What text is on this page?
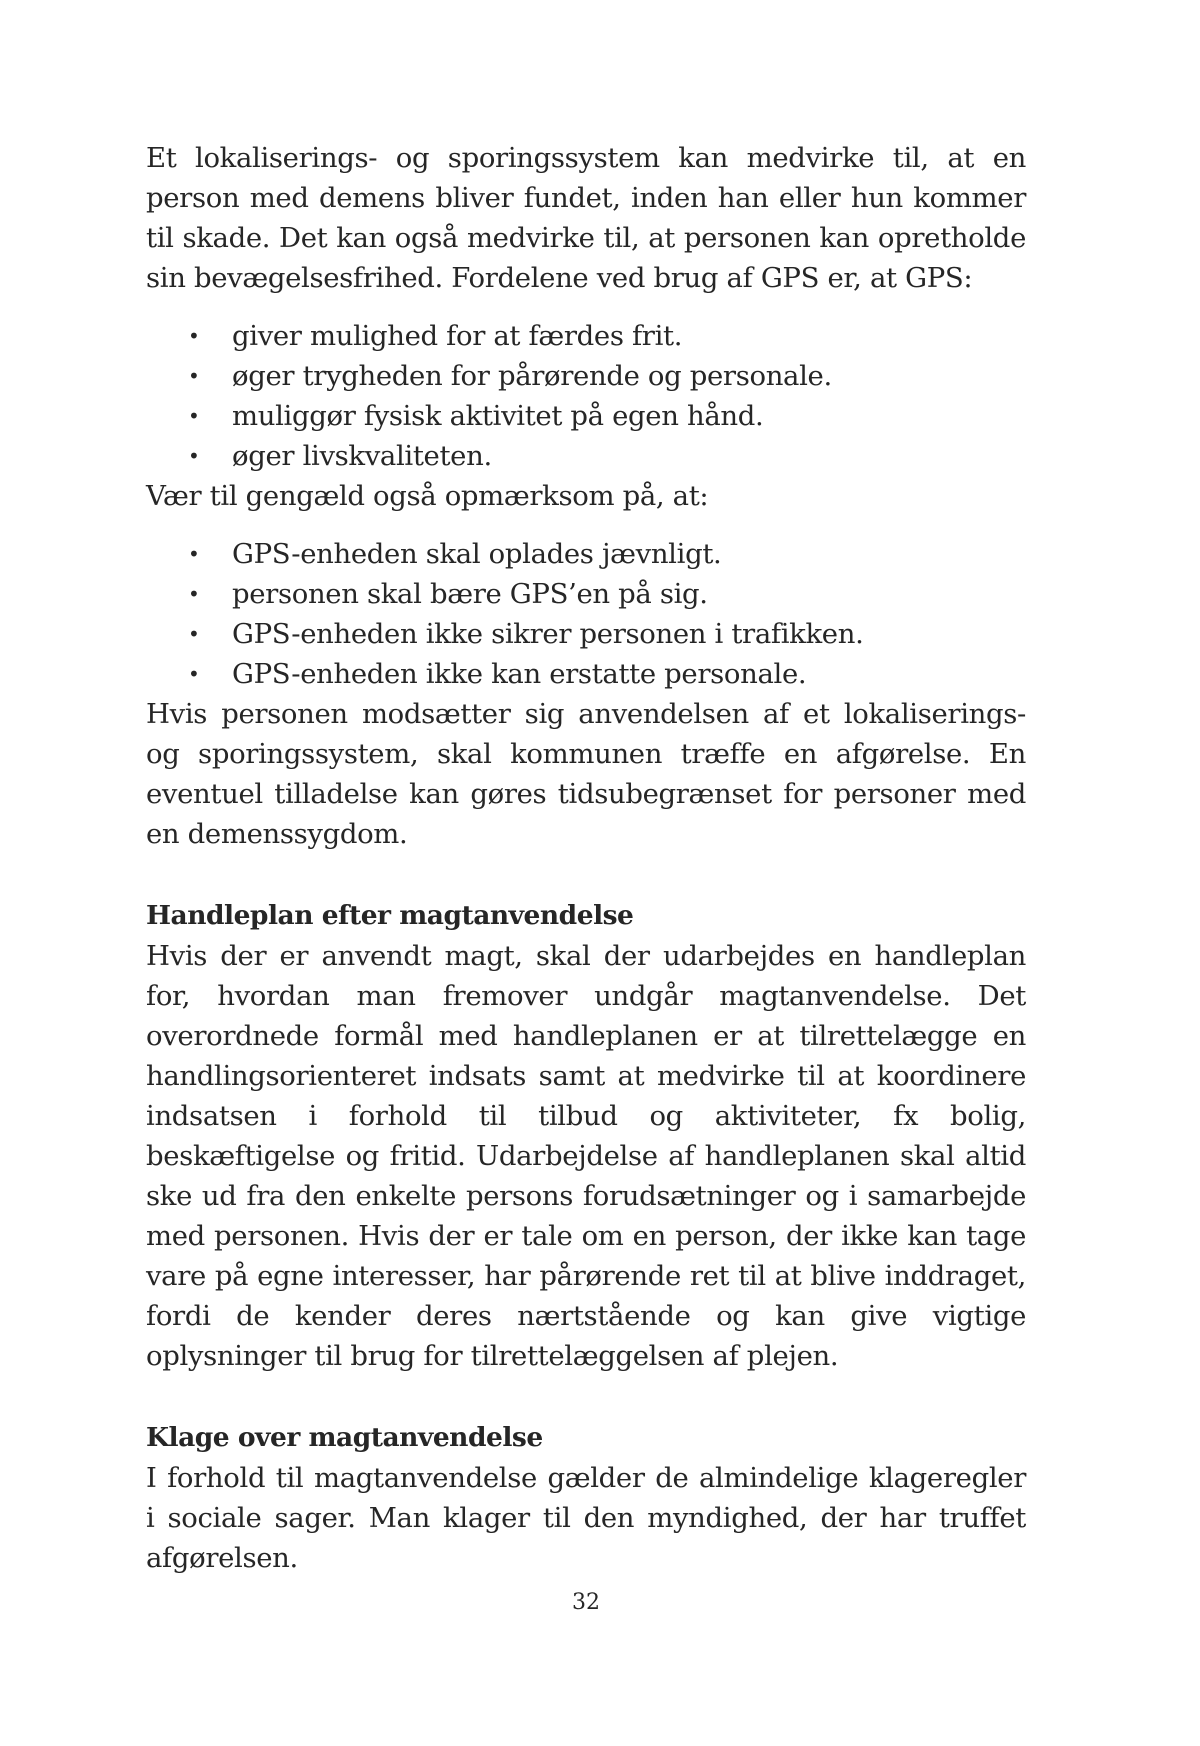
Et lokaliserings- og sporingssystem kan medvirke til, at en person med demens bliver fundet, inden han eller hun kommer til skade. Det kan også medvirke til, at personen kan opretholde sin bevægelsesfrihed. Fordelene ved brug af GPS er, at GPS:

• giver mulighed for at færdes frit.
• øger trygheden for pårørende og personale.
• muliggør fysisk aktivitet på egen hånd.
• øger livskvaliteten.

Vær til gengæld også opmærksom på, at:

• GPS-enheden skal oplades jævnligt.
• personen skal bære GPS’en på sig.
• GPS-enheden ikke sikrer personen i trafikken.
• GPS-enheden ikke kan erstatte personale.

Hvis personen modsætter sig anvendelsen af et lokaliserings- og sporingssystem, skal kommunen træffe en afgørelse. En eventuel tilladelse kan gøres tidsubegrænset for personer med en demenssygdom.

Handleplan efter magtanvendelse

Hvis der er anvendt magt, skal der udarbejdes en handleplan for, hvordan man fremover undgår magtanvendelse. Det overordnede formål med handleplanen er at tilrettelægge en handlingsorienteret indsats samt at medvirke til at koordinere indsatsen i forhold til tilbud og aktiviteter, fx bolig, beskæftigelse og fritid. Udarbejdelse af handleplanen skal altid ske ud fra den enkelte persons forudsætninger og i samarbejde med personen. Hvis der er tale om en person, der ikke kan tage vare på egne interesser, har pårørende ret til at blive inddraget, fordi de kender deres nærtstående og kan give vigtige oplysninger til brug for tilrettelæggelsen af plejen.

Klage over magtanvendelse

I forhold til magtanvendelse gælder de almindelige klageregler i sociale sager. Man klager til den myndighed, der har truffet afgørelsen.

32
